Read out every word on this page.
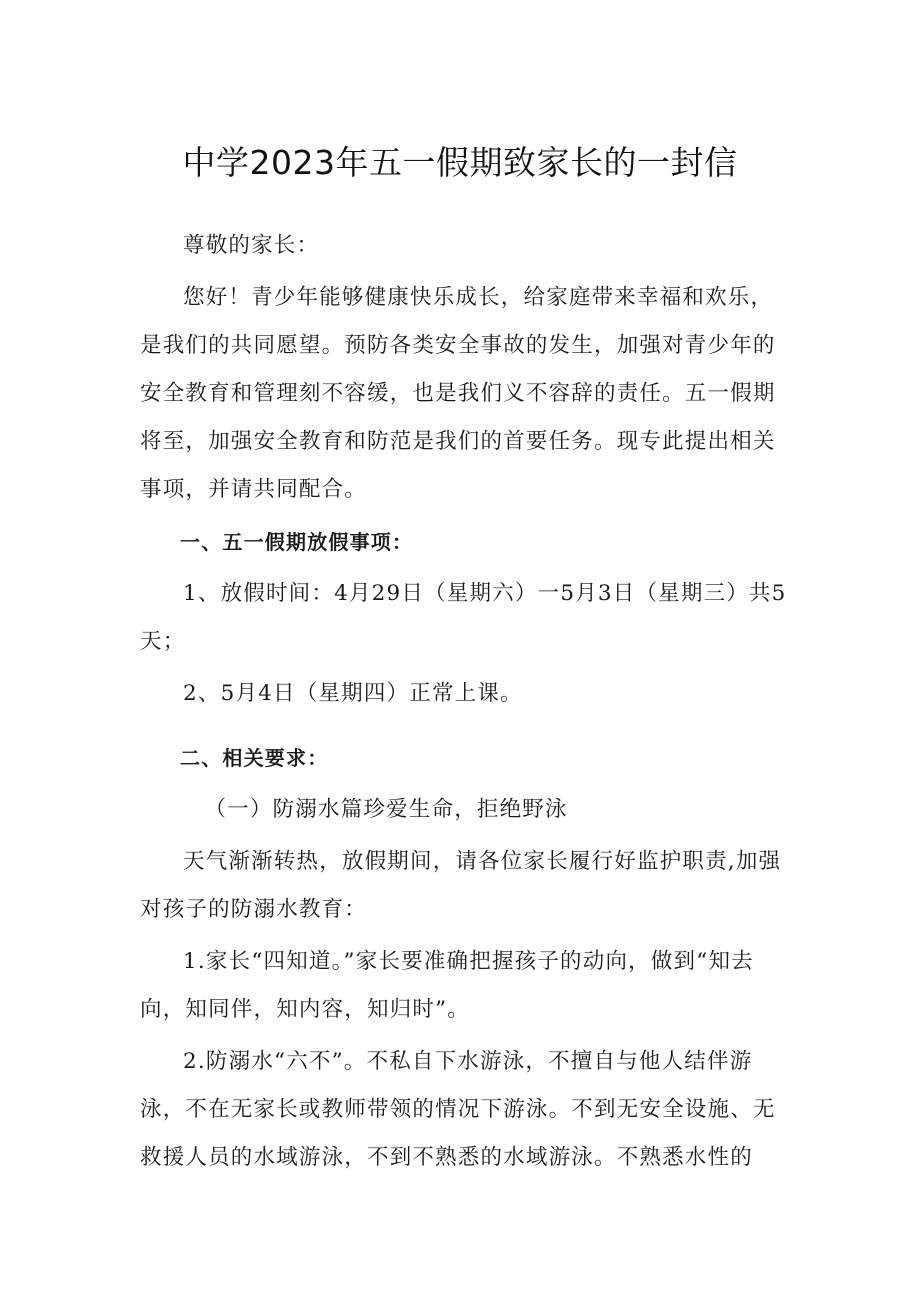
中学2023年五一假期致家长的一封信

尊敬的家长：

您好！青少年能够健康快乐成长，给家庭带来幸福和欢乐，是我们的共同愿望。预防各类安全事故的发生，加强对青少年的安全教育和管理刻不容缓，也是我们义不容辞的责任。五一假期将至，加强安全教育和防范是我们的首要任务。现专此提出相关事项，并请共同配合。

一、五一假期放假事项：

1、放假时间：4月29日（星期六）一5月3日（星期三）共5天；

2、5月4日（星期四）正常上课。

二、相关要求：

（一）防溺水篇珍爱生命，拒绝野泳

天气渐渐转热，放假期间，请各位家长履行好监护职责,加强对孩子的防溺水教育：

1.家长“四知道。”家长要准确把握孩子的动向，做到“知去向，知同伴，知内容，知归时”。

2.防溺水“六不”。不私自下水游泳，不擅自与他人结伴游泳，不在无家长或教师带领的情况下游泳。不到无安全设施、无救援人员的水域游泳，不到不熟悉的水域游泳。不熟悉水性的
